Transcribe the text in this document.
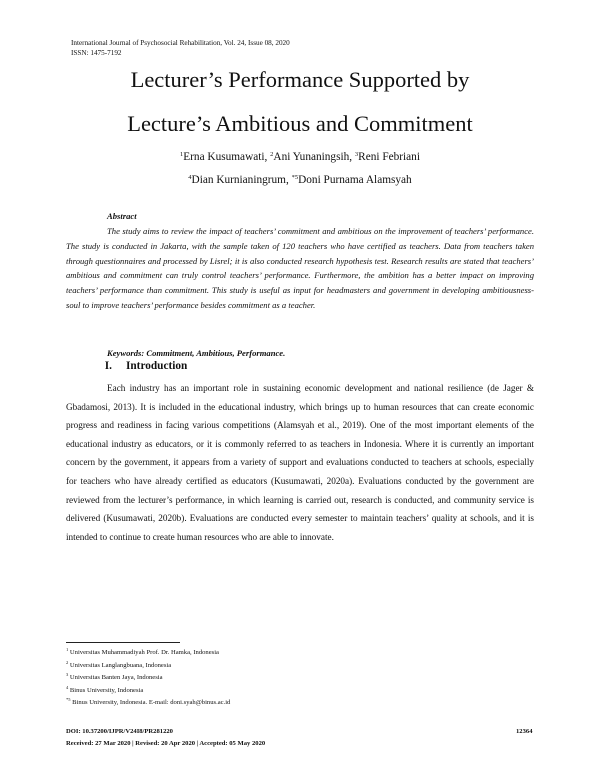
International Journal of Psychosocial Rehabilitation, Vol. 24, Issue 08, 2020
ISSN: 1475-7192
Lecturer’s Performance Supported by
Lecture’s Ambitious and Commitment
$^1$Erna Kusumawati, $^2$Ani Yunaningsih, $^3$Reni Febriani
$^4$Dian Kurnianingrum, $^{*5}$Doni Purnama Alamsyah
Abstract

The study aims to review the impact of teachers’ commitment and ambitious on the improvement of teachers’ performance. The study is conducted in Jakarta, with the sample taken of 120 teachers who have certified as teachers. Data from teachers taken through questionnaires and processed by Lisrel; it is also conducted research hypothesis test. Research results are stated that teachers’ ambitious and commitment can truly control teachers’ performance. Furthermore, the ambition has a better impact on improving teachers’ performance than commitment. This study is useful as input for headmasters and government in developing ambitiousness-soul to improve teachers’ performance besides commitment as a teacher.

Keywords: Commitment, Ambitious, Performance.
I. Introduction

Each industry has an important role in sustaining economic development and national resilience (de Jager & Gbadamosi, 2013). It is included in the educational industry, which brings up to human resources that can create economic progress and readiness in facing various competitions (Alamsyah et al., 2019). One of the most important elements of the educational industry as educators, or it is commonly referred to as teachers in Indonesia. Where it is currently an important concern by the government, it appears from a variety of support and evaluations conducted to teachers at schools, especially for teachers who have already certified as educators (Kusumawati, 2020a). Evaluations conducted by the government are reviewed from the lecturer’s performance, in which learning is carried out, research is conducted, and community service is delivered (Kusumawati, 2020b). Evaluations are conducted every semester to maintain teachers’ quality at schools, and it is intended to continue to create human resources who are able to innovate.

$^1$ Universitas Muhammadiyah Prof. Dr. Hamka, Indonesia
$^2$ Universitas Langlangbuana, Indonesia
$^3$ Universitas Banten Jaya, Indonesia
$^4$ Binus University, Indonesia
$^{*5}$ Binus University, Indonesia. E-mail: doni.syah@binus.ac.id
DOI: 10.37200/IJPR/V24I8/PR281220	12364
Received: 27 Mar 2020 | Revised: 20 Apr 2020 | Accepted: 05 May 2020
